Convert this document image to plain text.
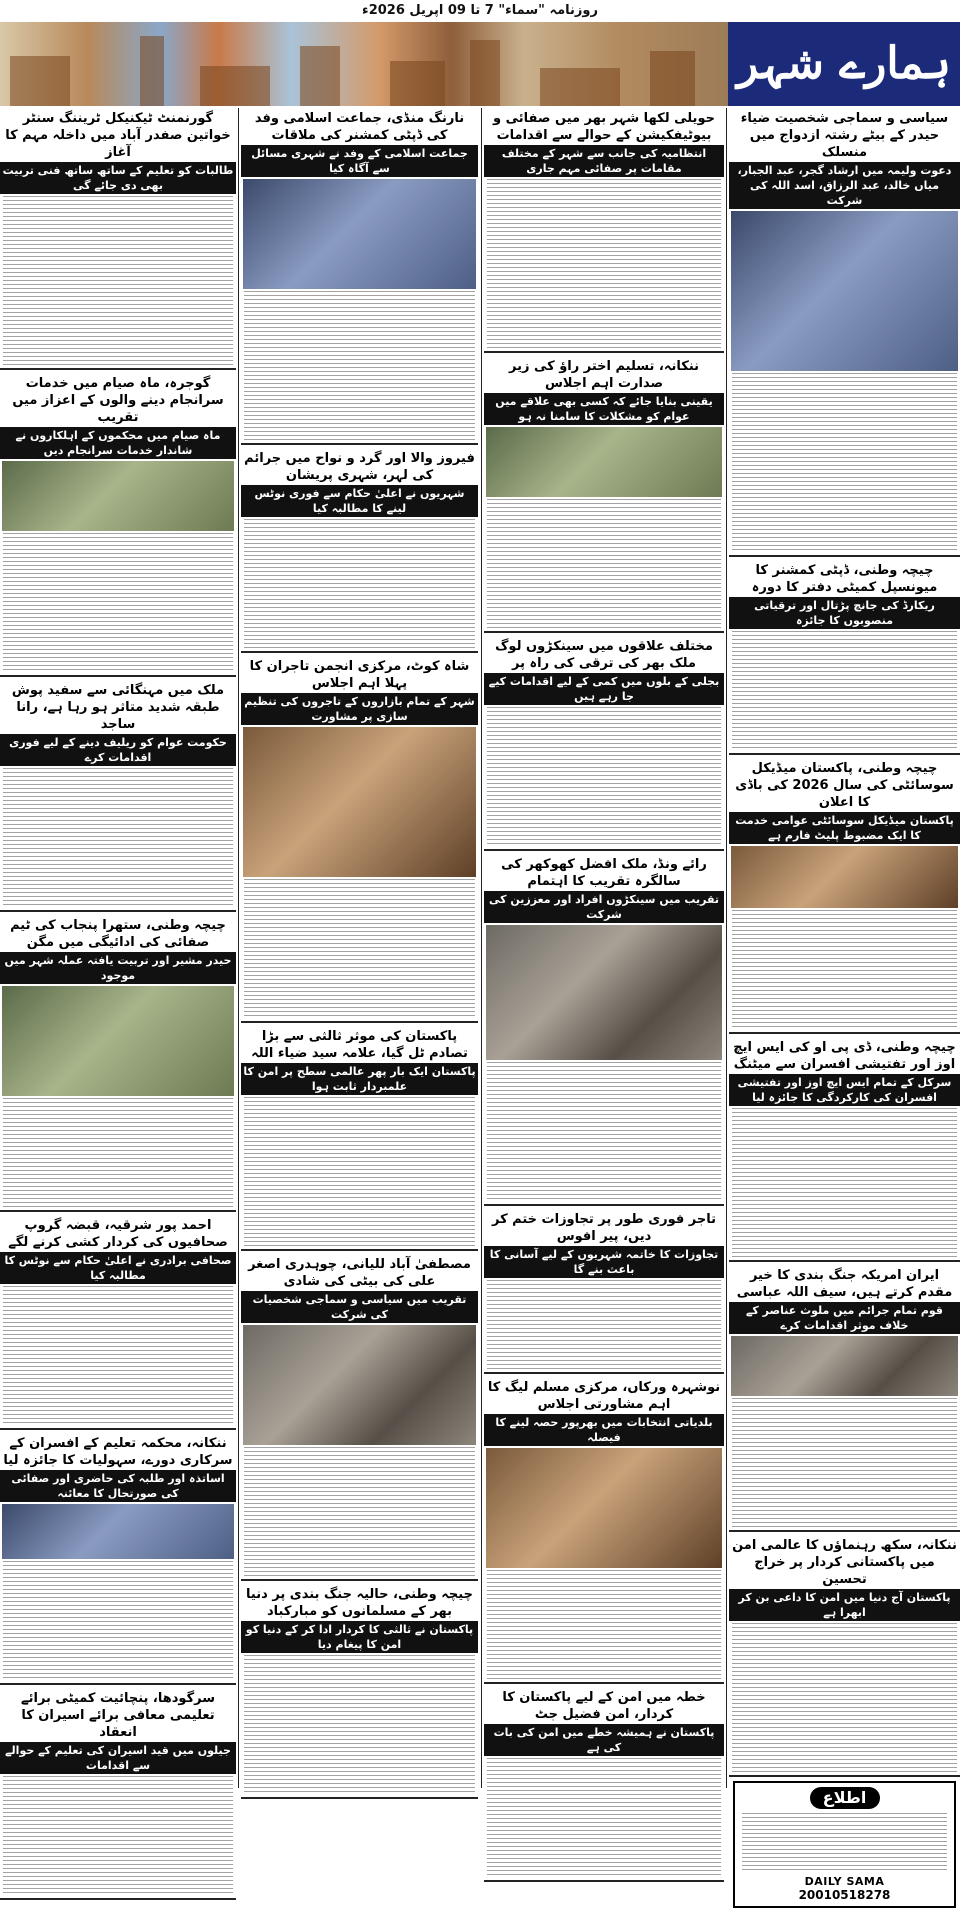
روزنامہ "سماء" 7 تا 09 اپریل 2026ء
ہمارے شہر
سیاسی و سماجی شخصیت ضیاء حیدر کے بیٹے رشتہ ازدواج میں منسلک
دعوت ولیمہ میں ارشاد گجر، عبد الجبار، میاں خالد، عبد الرزاق، اسد اللہ کی شرکت
چیچہ وطنی، ڈپٹی کمشنر کا میونسپل کمیٹی دفتر کا دورہ
ریکارڈ کی جانچ پڑتال اور ترقیاتی منصوبوں کا جائزہ
چیچہ وطنی، پاکستان میڈیکل سوسائٹی کی سال 2026 کی باڈی کا اعلان
پاکستان میڈیکل سوسائٹی عوامی خدمت کا ایک مضبوط پلیٹ فارم ہے
چیچہ وطنی، ڈی پی او کی ایس ایچ اوز اور تفتیشی افسران سے میٹنگ
سرکل کے تمام ایس ایچ اوز اور تفتیشی افسران کی کارکردگی کا جائزہ لیا
ایران امریکہ جنگ بندی کا خیر مقدم کرتے ہیں، سیف اللہ عباسی
قوم تمام جرائم میں ملوث عناصر کے خلاف موثر اقدامات کرے
ننکانہ، سکھ رہنماؤں کا عالمی امن میں پاکستانی کردار پر خراج تحسین
پاکستان آج دنیا میں امن کا داعی بن کر ابھرا ہے
اطلاع
DAILY SAMA
20010518278
حویلی لکھا شہر بھر میں صفائی و بیوٹیفکیشن کے حوالے سے اقدامات
انتظامیہ کی جانب سے شہر کے مختلف مقامات پر صفائی مہم جاری
ننکانہ، تسلیم اختر راؤ کی زیر صدارت اہم اجلاس
یقینی بنایا جائے کہ کسی بھی علاقے میں عوام کو مشکلات کا سامنا نہ ہو
مختلف علاقوں میں سینکڑوں لوگ ملک بھر کی ترقی کی راہ پر
بجلی کے بلوں میں کمی کے لیے اقدامات کیے جا رہے ہیں
رائے ونڈ، ملک افضل کھوکھر کی سالگرہ تقریب کا اہتمام
تقریب میں سینکڑوں افراد اور معززین کی شرکت
تاجر فوری طور پر تجاوزات ختم کر دیں، پیر افوس
تجاوزات کا خاتمہ شہریوں کے لیے آسانی کا باعث بنے گا
نوشہرہ ورکاں، مرکزی مسلم لیگ کا اہم مشاورتی اجلاس
بلدیاتی انتخابات میں بھرپور حصہ لینے کا فیصلہ
خطہ میں امن کے لیے پاکستان کا کردار، امن فضیل جٹ
پاکستان نے ہمیشہ خطے میں امن کی بات کی ہے
نارنگ منڈی، جماعت اسلامی وفد کی ڈپٹی کمشنر کی ملاقات
جماعت اسلامی کے وفد نے شہری مسائل سے آگاہ کیا
فیروز والا اور گرد و نواح میں جرائم کی لہر، شہری پریشان
شہریوں نے اعلیٰ حکام سے فوری نوٹس لینے کا مطالبہ کیا
شاہ کوٹ، مرکزی انجمن تاجران کا پہلا اہم اجلاس
شہر کے تمام بازاروں کے تاجروں کی تنظیم سازی پر مشاورت
پاکستان کی موثر ثالثی سے بڑا تصادم ٹل گیا، علامہ سید ضیاء اللہ
پاکستان ایک بار پھر عالمی سطح پر امن کا علمبردار ثابت ہوا
مصطفیٰ آباد للیانی، چوہدری اصغر علی کی بیٹی کی شادی
تقریب میں سیاسی و سماجی شخصیات کی شرکت
چیچہ وطنی، حالیہ جنگ بندی پر دنیا بھر کے مسلمانوں کو مبارکباد
پاکستان نے ثالثی کا کردار ادا کر کے دنیا کو امن کا پیغام دیا
گورنمنٹ ٹیکنیکل ٹریننگ سنٹر خواتین صفدر آباد میں داخلہ مہم کا آغاز
طالبات کو تعلیم کے ساتھ ساتھ فنی تربیت بھی دی جائے گی
گوجرہ، ماہ صیام میں خدمات سرانجام دینے والوں کے اعزاز میں تقریب
ماہ صیام میں محکموں کے اہلکاروں نے شاندار خدمات سرانجام دیں
ملک میں مہنگائی سے سفید پوش طبقہ شدید متاثر ہو رہا ہے، رانا ساجد
حکومت عوام کو ریلیف دینے کے لیے فوری اقدامات کرے
چیچہ وطنی، ستھرا پنجاب کی ٹیم صفائی کی ادائیگی میں مگن
حیدر مشیر اور تربیت یافتہ عملہ شہر میں موجود
احمد پور شرقیہ، قبضہ گروپ صحافیوں کی کردار کشی کرنے لگے
صحافی برادری نے اعلیٰ حکام سے نوٹس کا مطالبہ کیا
ننکانہ، محکمہ تعلیم کے افسران کے سرکاری دورے، سہولیات کا جائزہ لیا
اساتذہ اور طلبہ کی حاضری اور صفائی کی صورتحال کا معائنہ
سرگودھا، پنچائیت کمیٹی برائے تعلیمی معافی برائے اسیران کا انعقاد
جیلوں میں قید اسیران کی تعلیم کے حوالے سے اقدامات
